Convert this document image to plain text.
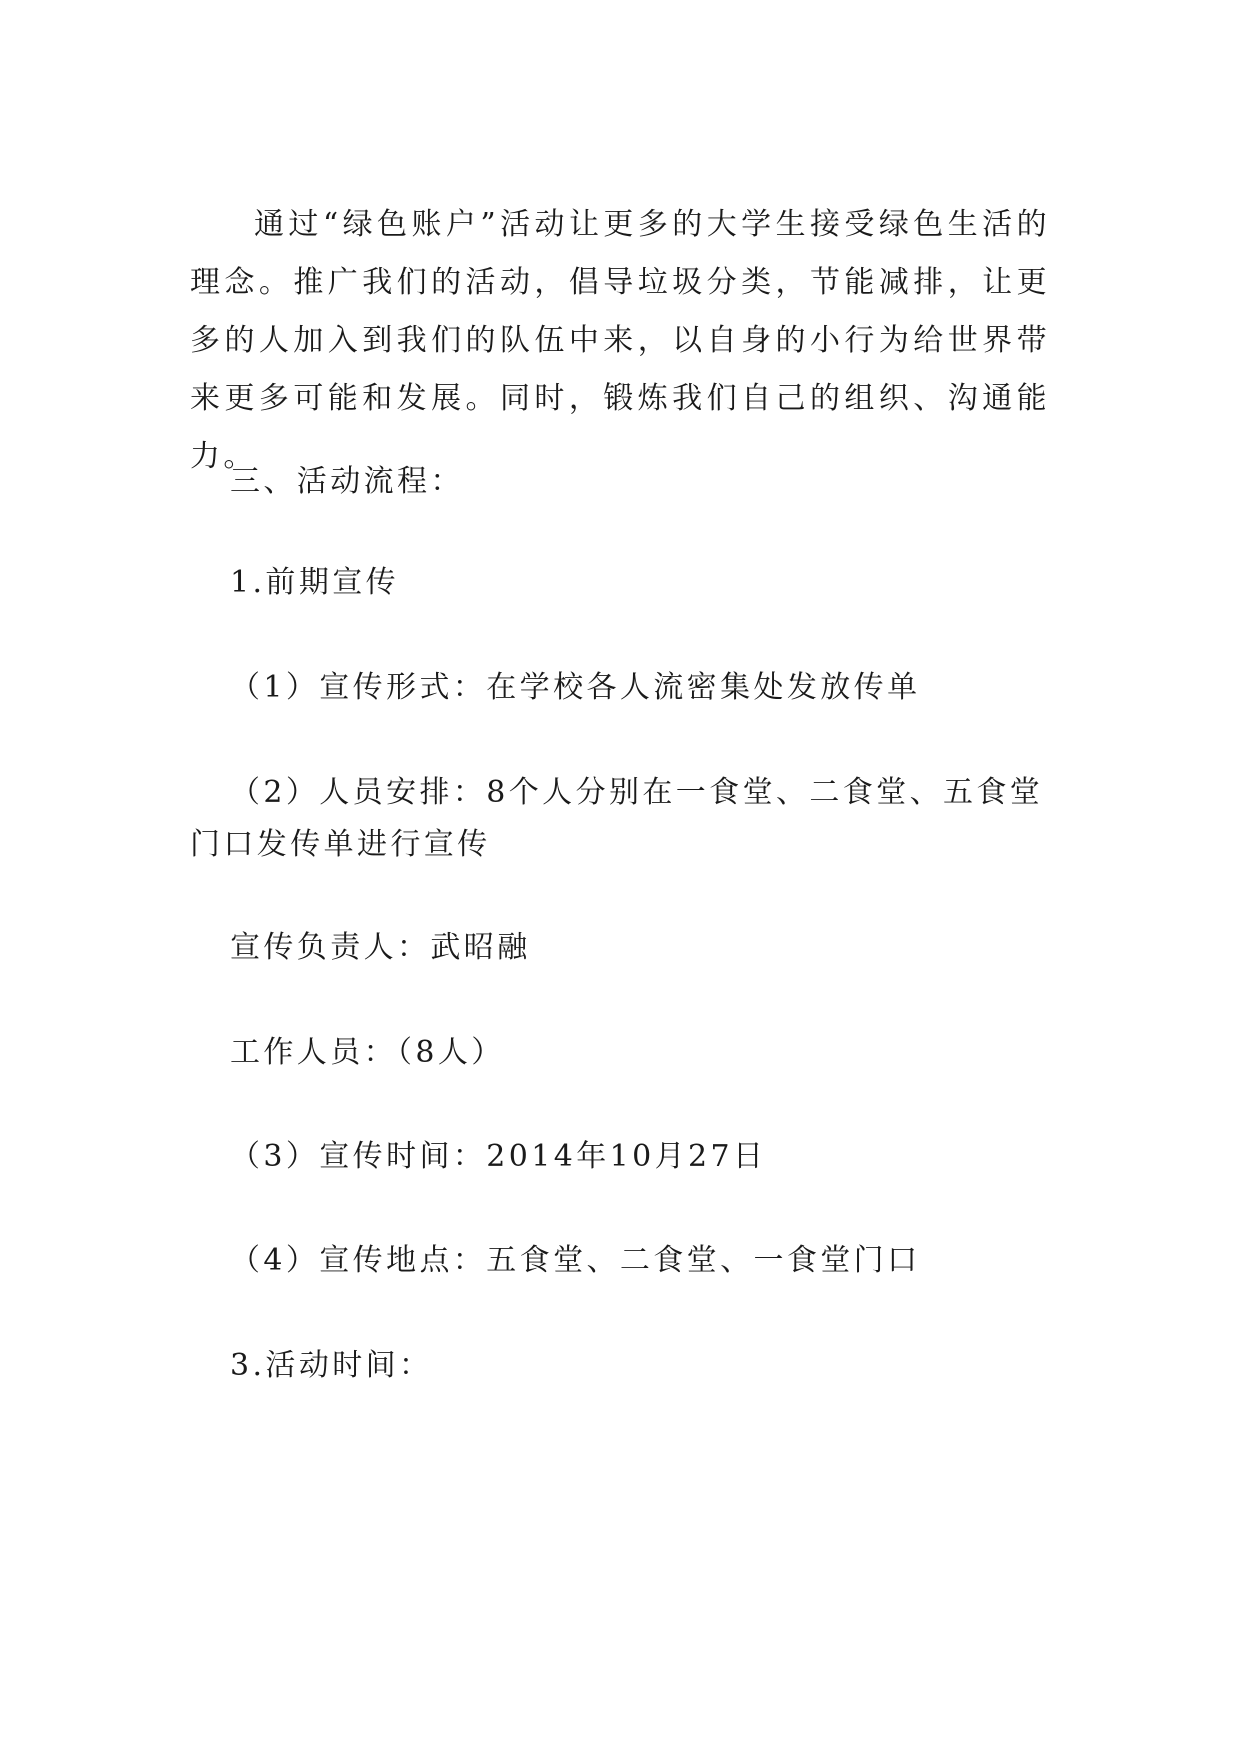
通过“绿色账户”活动让更多的大学生接受绿色生活的理念。推广我们的活动，倡导垃圾分类，节能减排，让更多的人加入到我们的队伍中来，以自身的小行为给世界带来更多可能和发展。同时，锻炼我们自己的组织、沟通能力。

三、活动流程：

1.前期宣传

（1）宣传形式：在学校各人流密集处发放传单

（2）人员安排：8个人分别在一食堂、二食堂、五食堂

门口发传单进行宣传

宣传负责人：武昭融

工作人员：（8人）

（3）宣传时间：2014年10月27日

（4）宣传地点：五食堂、二食堂、一食堂门口

3.活动时间：
